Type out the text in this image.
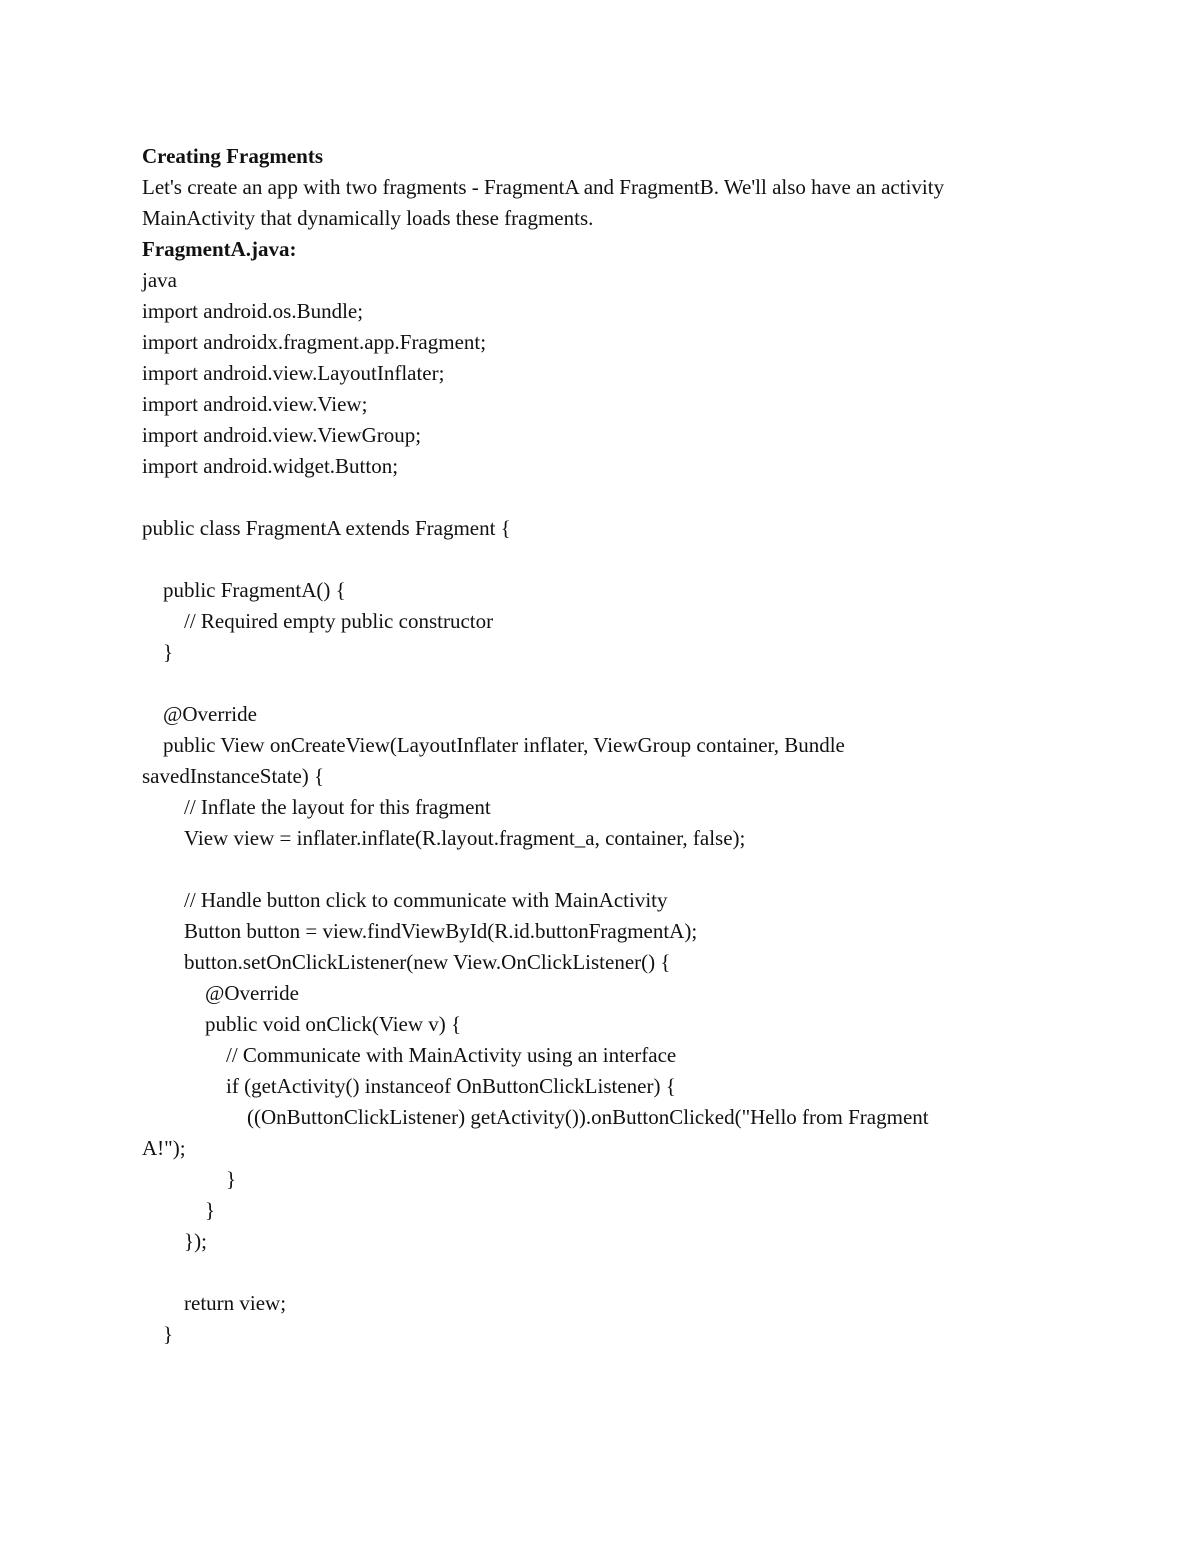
Creating Fragments
Let's create an app with two fragments - FragmentA and FragmentB. We'll also have an activity
MainActivity that dynamically loads these fragments.
FragmentA.java:
java
import android.os.Bundle;
import androidx.fragment.app.Fragment;
import android.view.LayoutInflater;
import android.view.View;
import android.view.ViewGroup;
import android.widget.Button;
public class FragmentA extends Fragment {
public FragmentA() {
// Required empty public constructor
}
@Override
public View onCreateView(LayoutInflater inflater, ViewGroup container, Bundle
savedInstanceState) {
// Inflate the layout for this fragment
View view = inflater.inflate(R.layout.fragment_a, container, false);
// Handle button click to communicate with MainActivity
Button button = view.findViewById(R.id.buttonFragmentA);
button.setOnClickListener(new View.OnClickListener() {
@Override
public void onClick(View v) {
// Communicate with MainActivity using an interface
if (getActivity() instanceof OnButtonClickListener) {
((OnButtonClickListener) getActivity()).onButtonClicked("Hello from Fragment
A!");
}
}
});
return view;
}
